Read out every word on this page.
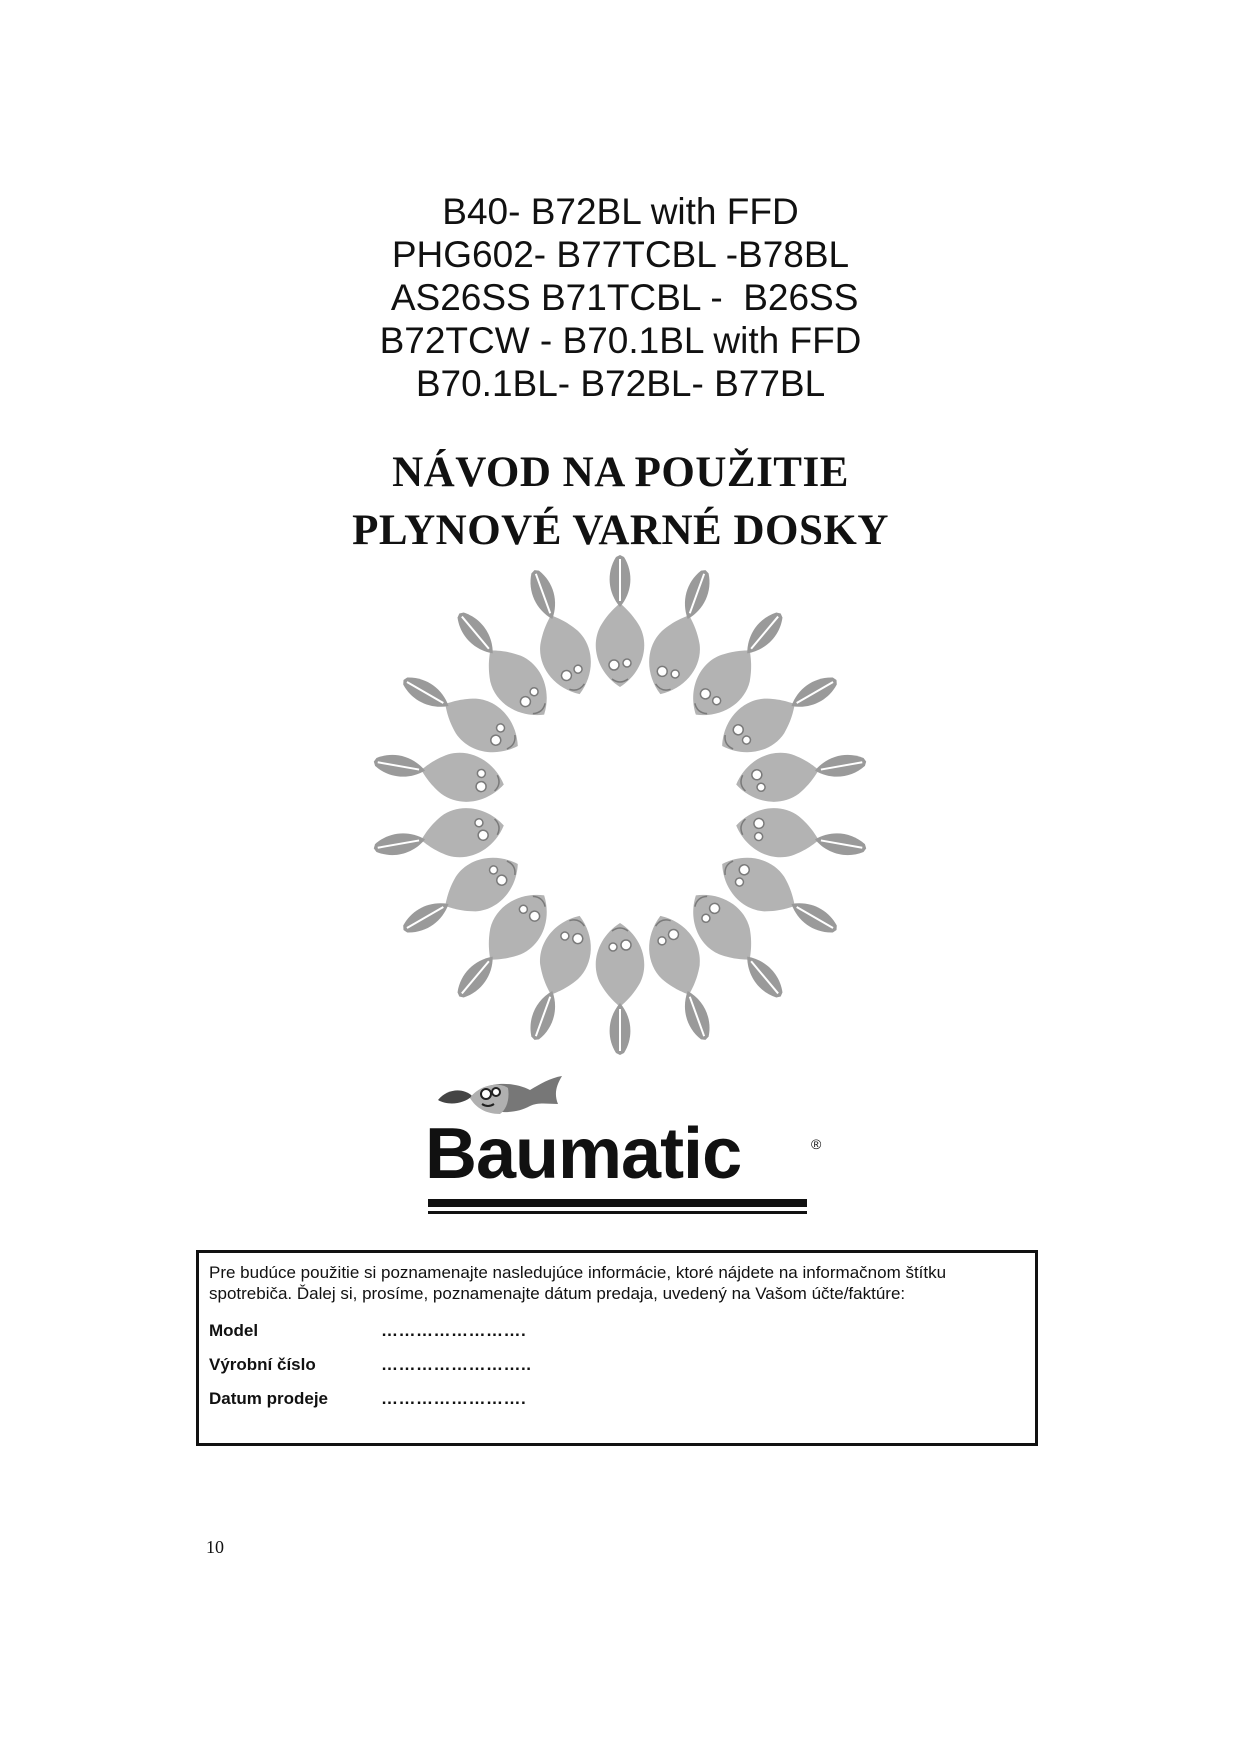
B40- B72BL with FFD
PHG602- B77TCBL -B78BL
AS26SS B71TCBL -  B26SS
B72TCW - B70.1BL with FFD
B70.1BL- B72BL- B77BL
NÁVOD NA POUŽITIE
PLYNOVÉ VARNÉ DOSKY
Baumatic	®

Pre budúce použitie si poznamenajte nasledujúce informácie, ktoré nájdete na informačnom štítku spotrebiča. Ďalej si, prosíme, poznamenajte dátum predaja, uvedený na Vašom účte/faktúre:

Model	…………………….
Výrobní číslo	……………………..
Datum prodeje	…………………….
10
